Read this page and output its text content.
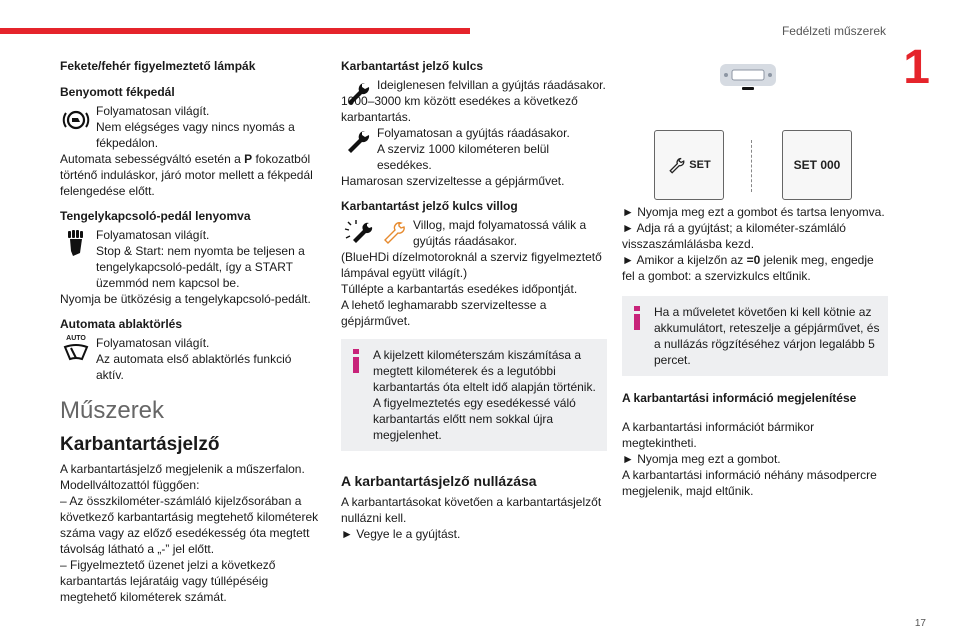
Fedélzeti műszerek
1
Fekete/fehér figyelmeztető lámpák
Benyomott fékpedál
Folyamatosan világít.
Nem elégséges vagy nincs nyomás a fékpedálon.
Automata sebességváltó esetén a P fokozatból történő induláskor, járó motor mellett a fékpedál felengedése előtt.
Tengelykapcsoló-pedál lenyomva
Folyamatosan világít.
Stop & Start: nem nyomta be teljesen a tengelykapcsoló-pedált, így a START üzemmód nem kapcsol be.
Nyomja be ütközésig a tengelykapcsoló-pedált.
Automata ablaktörlés
AUTO Folyamatosan világít.
Az automata első ablaktörlés funkció aktív.
Műszerek
Karbantartásjelző
A karbantartásjelző megjelenik a műszerfalon. Modellváltozattól függően:
– Az összkilométer-számláló kijelzősorában a következő karbantartásig megtehető kilométerek száma vagy az előző esedékesség óta megtett távolság látható a „-” jel előtt.
– Figyelmeztető üzenet jelzi a következő karbantartás lejáratáig vagy túllépéséig megtehető kilométerek számát.
Karbantartást jelző kulcs
Ideiglenesen felvillan a gyújtás ráadásakor.
1000–3000 km között esedékes a következő karbantartás.
Folyamatosan a gyújtás ráadásakor.
A szerviz 1000 kilométeren belül esedékes.
Hamarosan szervizeltesse a gépjárművet.
Karbantartást jelző kulcs villog
Villog, majd folyamatossá válik a gyújtás ráadásakor.
(BlueHDi dízelmotoroknál a szerviz figyelmeztető lámpával együtt világít.)
Túllépte a karbantartás esedékes időpontját.
A lehető leghamarabb szervizeltesse a gépjárművet.
A kijelzett kilométerszám kiszámítása a megtett kilométerek és a legutóbbi karbantartás óta eltelt idő alapján történik. A figyelmeztetés egy esedékessé váló karbantartás előtt nem sokkal újra megjelenhet.
A karbantartásjelző nullázása
A karbantartásokat követően a karbantartásjelzőt nullázni kell.
► Vegye le a gyújtást.
SET	SET 000
► Nyomja meg ezt a gombot és tartsa lenyomva.
► Adja rá a gyújtást; a kilométer-számláló visszaszámlálásba kezd.
► Amikor a kijelzőn az =0 jelenik meg, engedje fel a gombot: a szervizkulcs eltűnik.
Ha a műveletet követően ki kell kötnie az akkumulátort, reteszelje a gépjárművet, és a nullázás rögzítéséhez várjon legalább 5 percet.
A karbantartási információ megjelenítése
A karbantartási információt bármikor megtekintheti.
► Nyomja meg ezt a gombot.
A karbantartási információ néhány másodpercre megjelenik, majd eltűnik.
17
